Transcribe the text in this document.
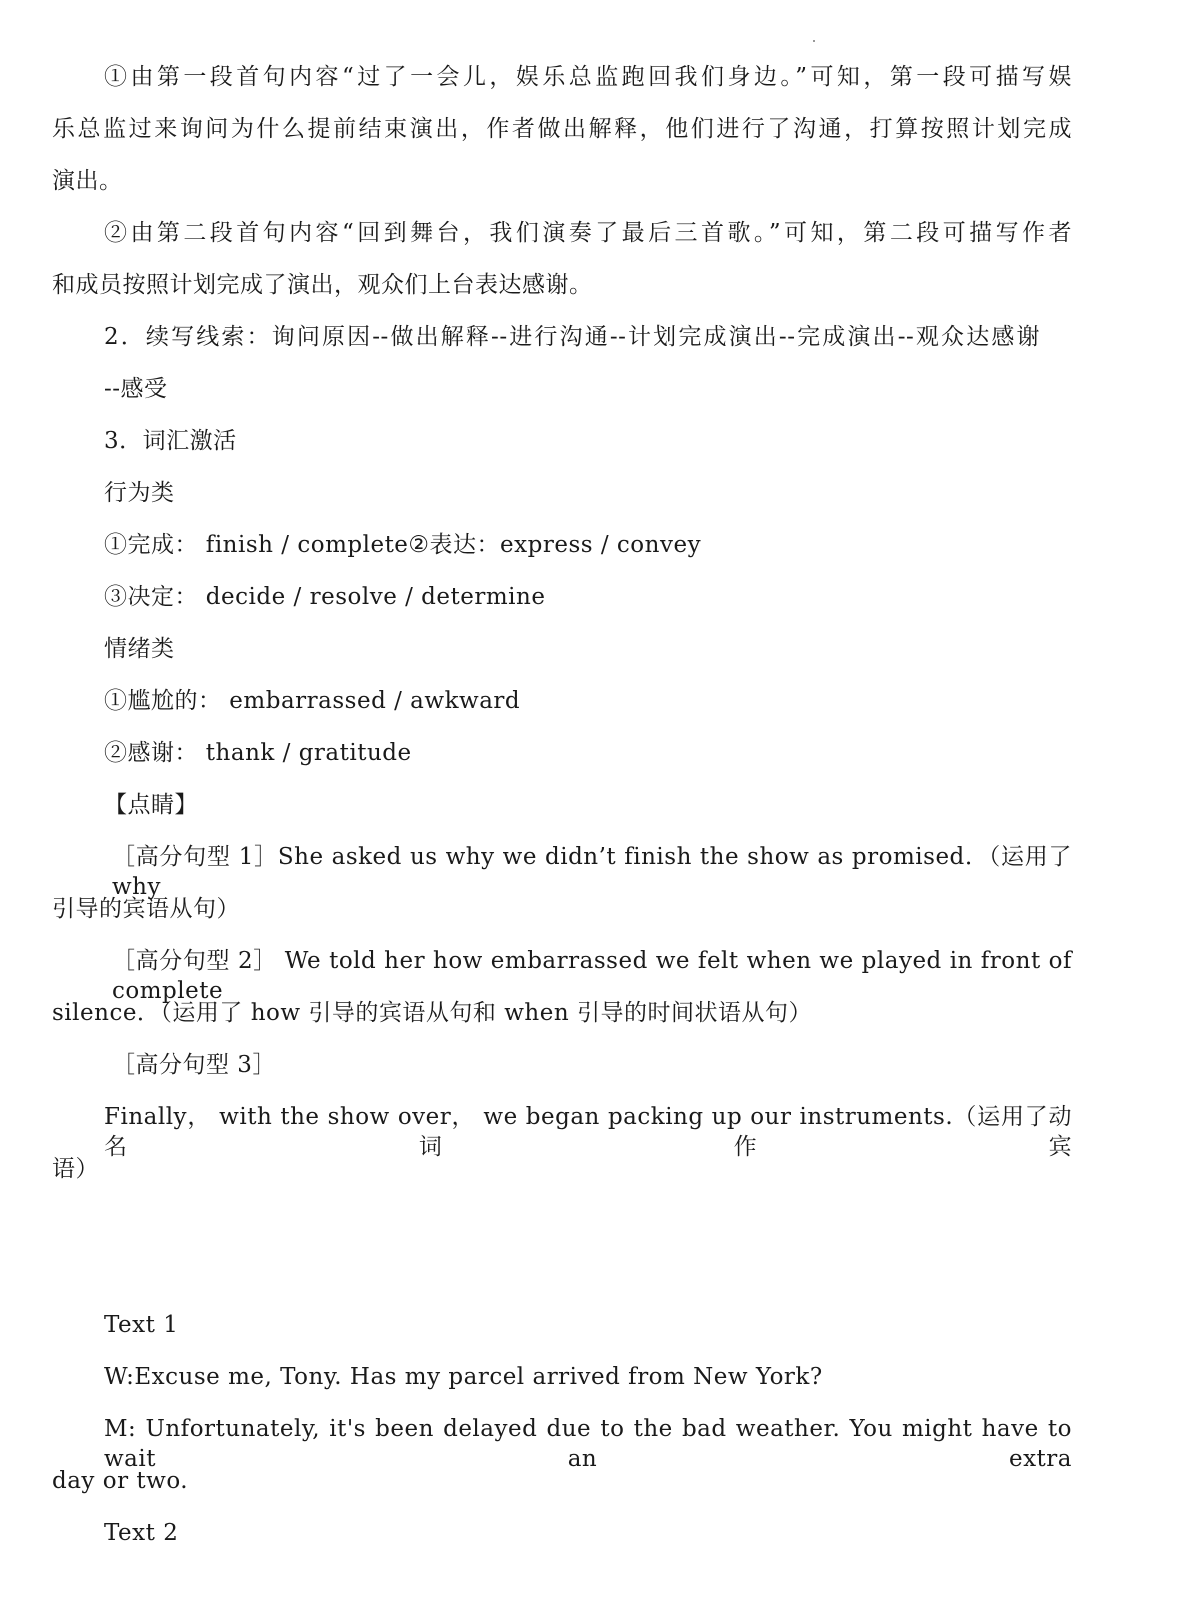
①由第一段首句内容“过了一会儿，娱乐总监跑回我们身边。”可知，第一段可描写娱
乐总监过来询问为什么提前结束演出，作者做出解释，他们进行了沟通，打算按照计划完成
演出。
②由第二段首句内容“回到舞台，我们演奏了最后三首歌。”可知，第二段可描写作者
和成员按照计划完成了演出，观众们上台表达感谢。
2．续写线索：询问原因--做出解释--进行沟通--计划完成演出--完成演出--观众达感谢
--感受
3．词汇激活
行为类
①完成： finish / complete②表达：express / convey
③决定： decide / resolve / determine
情绪类
①尴尬的： embarrassed / awkward
②感谢： thank / gratitude
【点睛】
［高分句型 1］She asked us why we didn’t finish the show as promised．（运用了 why
引导的宾语从句）
［高分句型 2］ We told her how embarrassed we felt when we played in front of complete
silence．（运用了 how 引导的宾语从句和 when 引导的时间状语从句）
［高分句型 3］
Finally， with the show over， we began packing up our instruments.（运用了动名词作宾
语）
Text 1
W:Excuse me, Tony. Has my parcel arrived from New York?
M: Unfortunately, it's been delayed due to the bad weather. You might have to wait an extra
day or two.
Text 2
